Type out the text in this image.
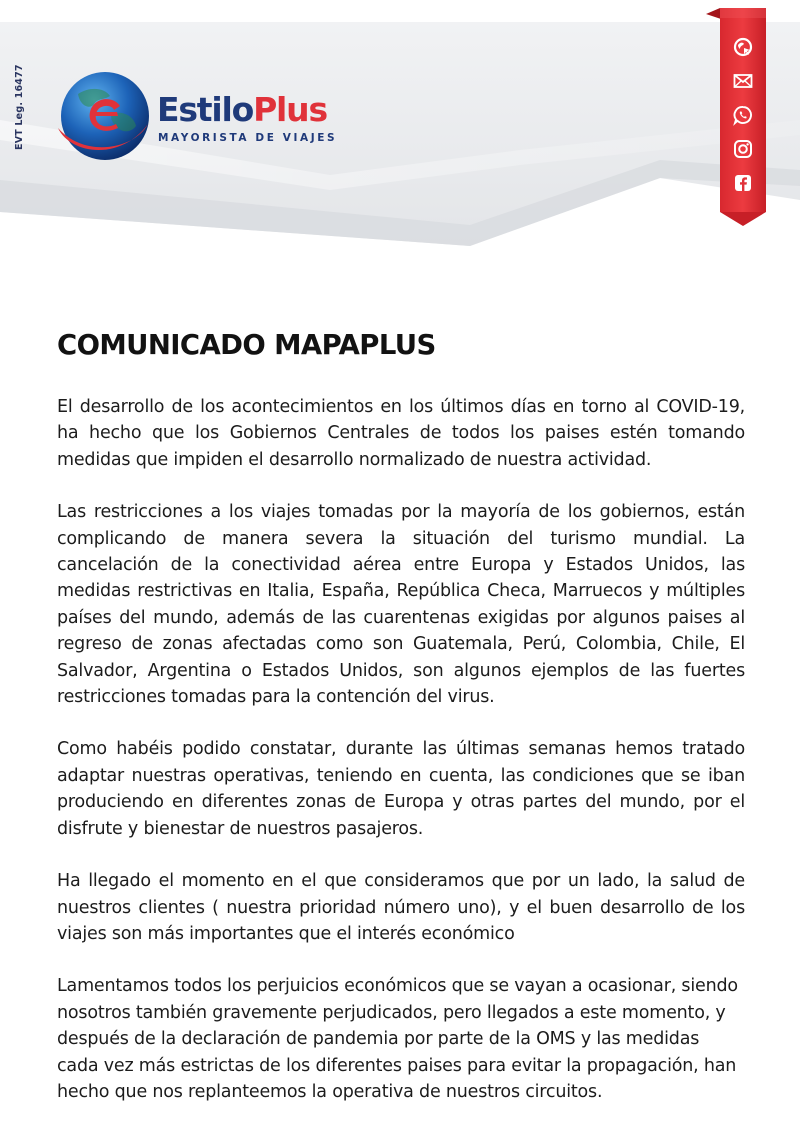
EVT Leg. 16477	EstiloPlus
MAYORISTA DE VIAJES
COMUNICADO MAPAPLUS

El desarrollo de los acontecimientos en los últimos días en torno al COVID-19, ha hecho que los Gobiernos Centrales de todos los paises estén tomando medidas que impiden el desarrollo normalizado de nuestra actividad.

Las restricciones a los viajes tomadas por la mayoría de los gobiernos, están complicando de manera severa la situación del turismo mundial. La cancelación de la conectividad aérea entre Europa y Estados Unidos, las medidas restrictivas en Italia, España, República Checa, Marruecos y múltiples países del mundo, además de las cuarentenas exigidas por algunos paises al regreso de zonas afectadas como son Guatemala, Perú, Colombia, Chile, El Salvador, Argentina o Estados Unidos, son algunos ejemplos de las fuertes restricciones tomadas para la contención del virus.

Como habéis podido constatar, durante las últimas semanas hemos tratado adaptar nuestras operativas, teniendo en cuenta, las condiciones que se iban produciendo en diferentes zonas de Europa y otras partes del mundo, por el disfrute y bienestar de nuestros pasajeros.

Ha llegado el momento en el que consideramos que por un lado, la salud de nuestros clientes ( nuestra prioridad número uno), y el buen desarrollo de los viajes son más importantes que el interés económico

Lamentamos todos los perjuicios económicos que se vayan a ocasionar, siendo nosotros también gravemente perjudicados, pero llegados a este momento, y después de la declaración de pandemia por parte de la OMS y las medidas cada vez más estrictas de los diferentes paises para evitar la propagación, han hecho que nos replanteemos la operativa de nuestros circuitos.
